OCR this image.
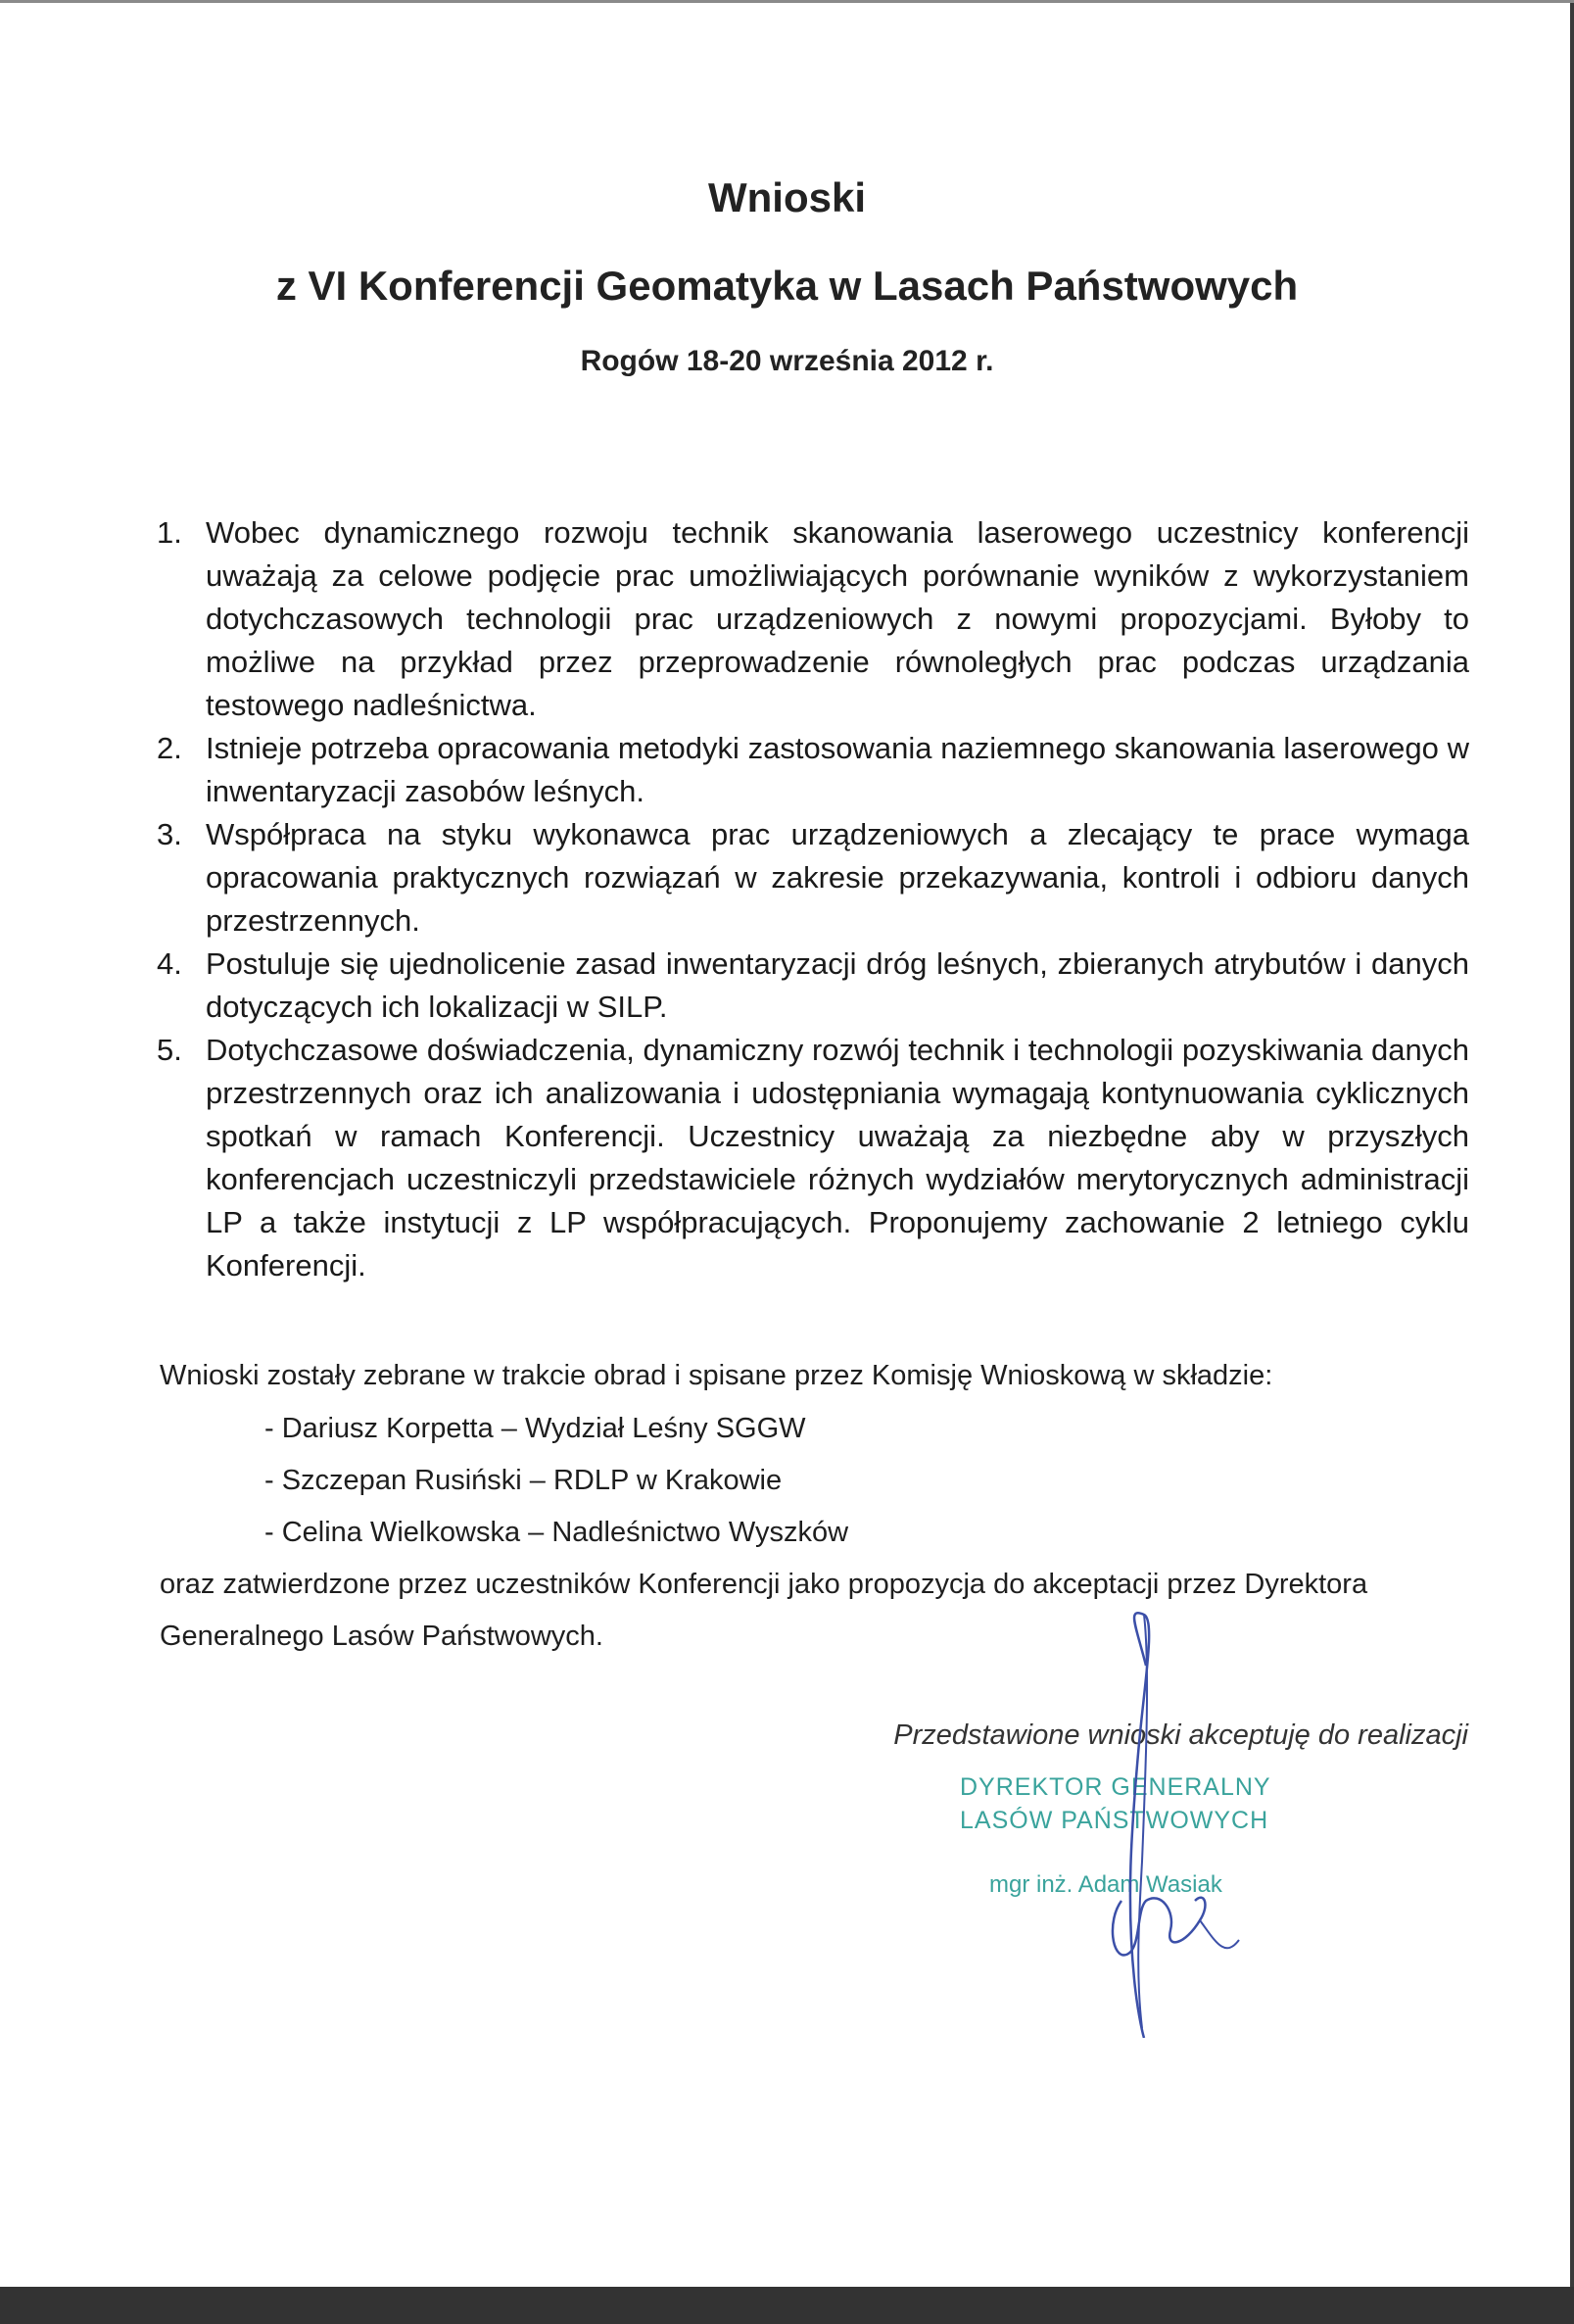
Wnioski
z VI Konferencji Geomatyka w Lasach Państwowych
Rogów 18-20 września 2012 r.
1. Wobec dynamicznego rozwoju technik skanowania laserowego uczestnicy konferencji uważają za celowe podjęcie prac umożliwiających porównanie wyników z wykorzystaniem dotychczasowych technologii prac urządzeniowych z nowymi propozycjami. Byłoby to możliwe na przykład przez przeprowadzenie równoległych prac podczas urządzania testowego nadleśnictwa.
2. Istnieje potrzeba opracowania metodyki zastosowania naziemnego skanowania laserowego w inwentaryzacji zasobów leśnych.
3. Współpraca na styku wykonawca prac urządzeniowych a zlecający te prace wymaga opracowania praktycznych rozwiązań w zakresie przekazywania, kontroli i odbioru danych przestrzennych.
4. Postuluje się ujednolicenie zasad inwentaryzacji dróg leśnych, zbieranych atrybutów i danych dotyczących ich lokalizacji w SILP.
5. Dotychczasowe doświadczenia, dynamiczny rozwój technik i technologii pozyskiwania danych przestrzennych oraz ich analizowania i udostępniania wymagają kontynuowania cyklicznych spotkań w ramach Konferencji. Uczestnicy uważają za niezbędne aby w przyszłych konferencjach uczestniczyli przedstawiciele różnych wydziałów merytorycznych administracji LP a także instytucji z LP współpracujących. Proponujemy zachowanie 2 letniego cyklu Konferencji.

Wnioski zostały zebrane w trakcie obrad i spisane przez Komisję Wnioskową w składzie:

- Dariusz Korpetta – Wydział Leśny SGGW

- Szczepan Rusiński – RDLP w Krakowie

- Celina Wielkowska – Nadleśnictwo Wyszków

oraz zatwierdzone przez uczestników Konferencji jako propozycja do akceptacji przez Dyrektora

Generalnego Lasów Państwowych.

Przedstawione wnioski akceptuję do realizacji

DYREKTOR GENERALNY

LASÓW PAŃSTWOWYCH

mgr inż. Adam Wasiak
